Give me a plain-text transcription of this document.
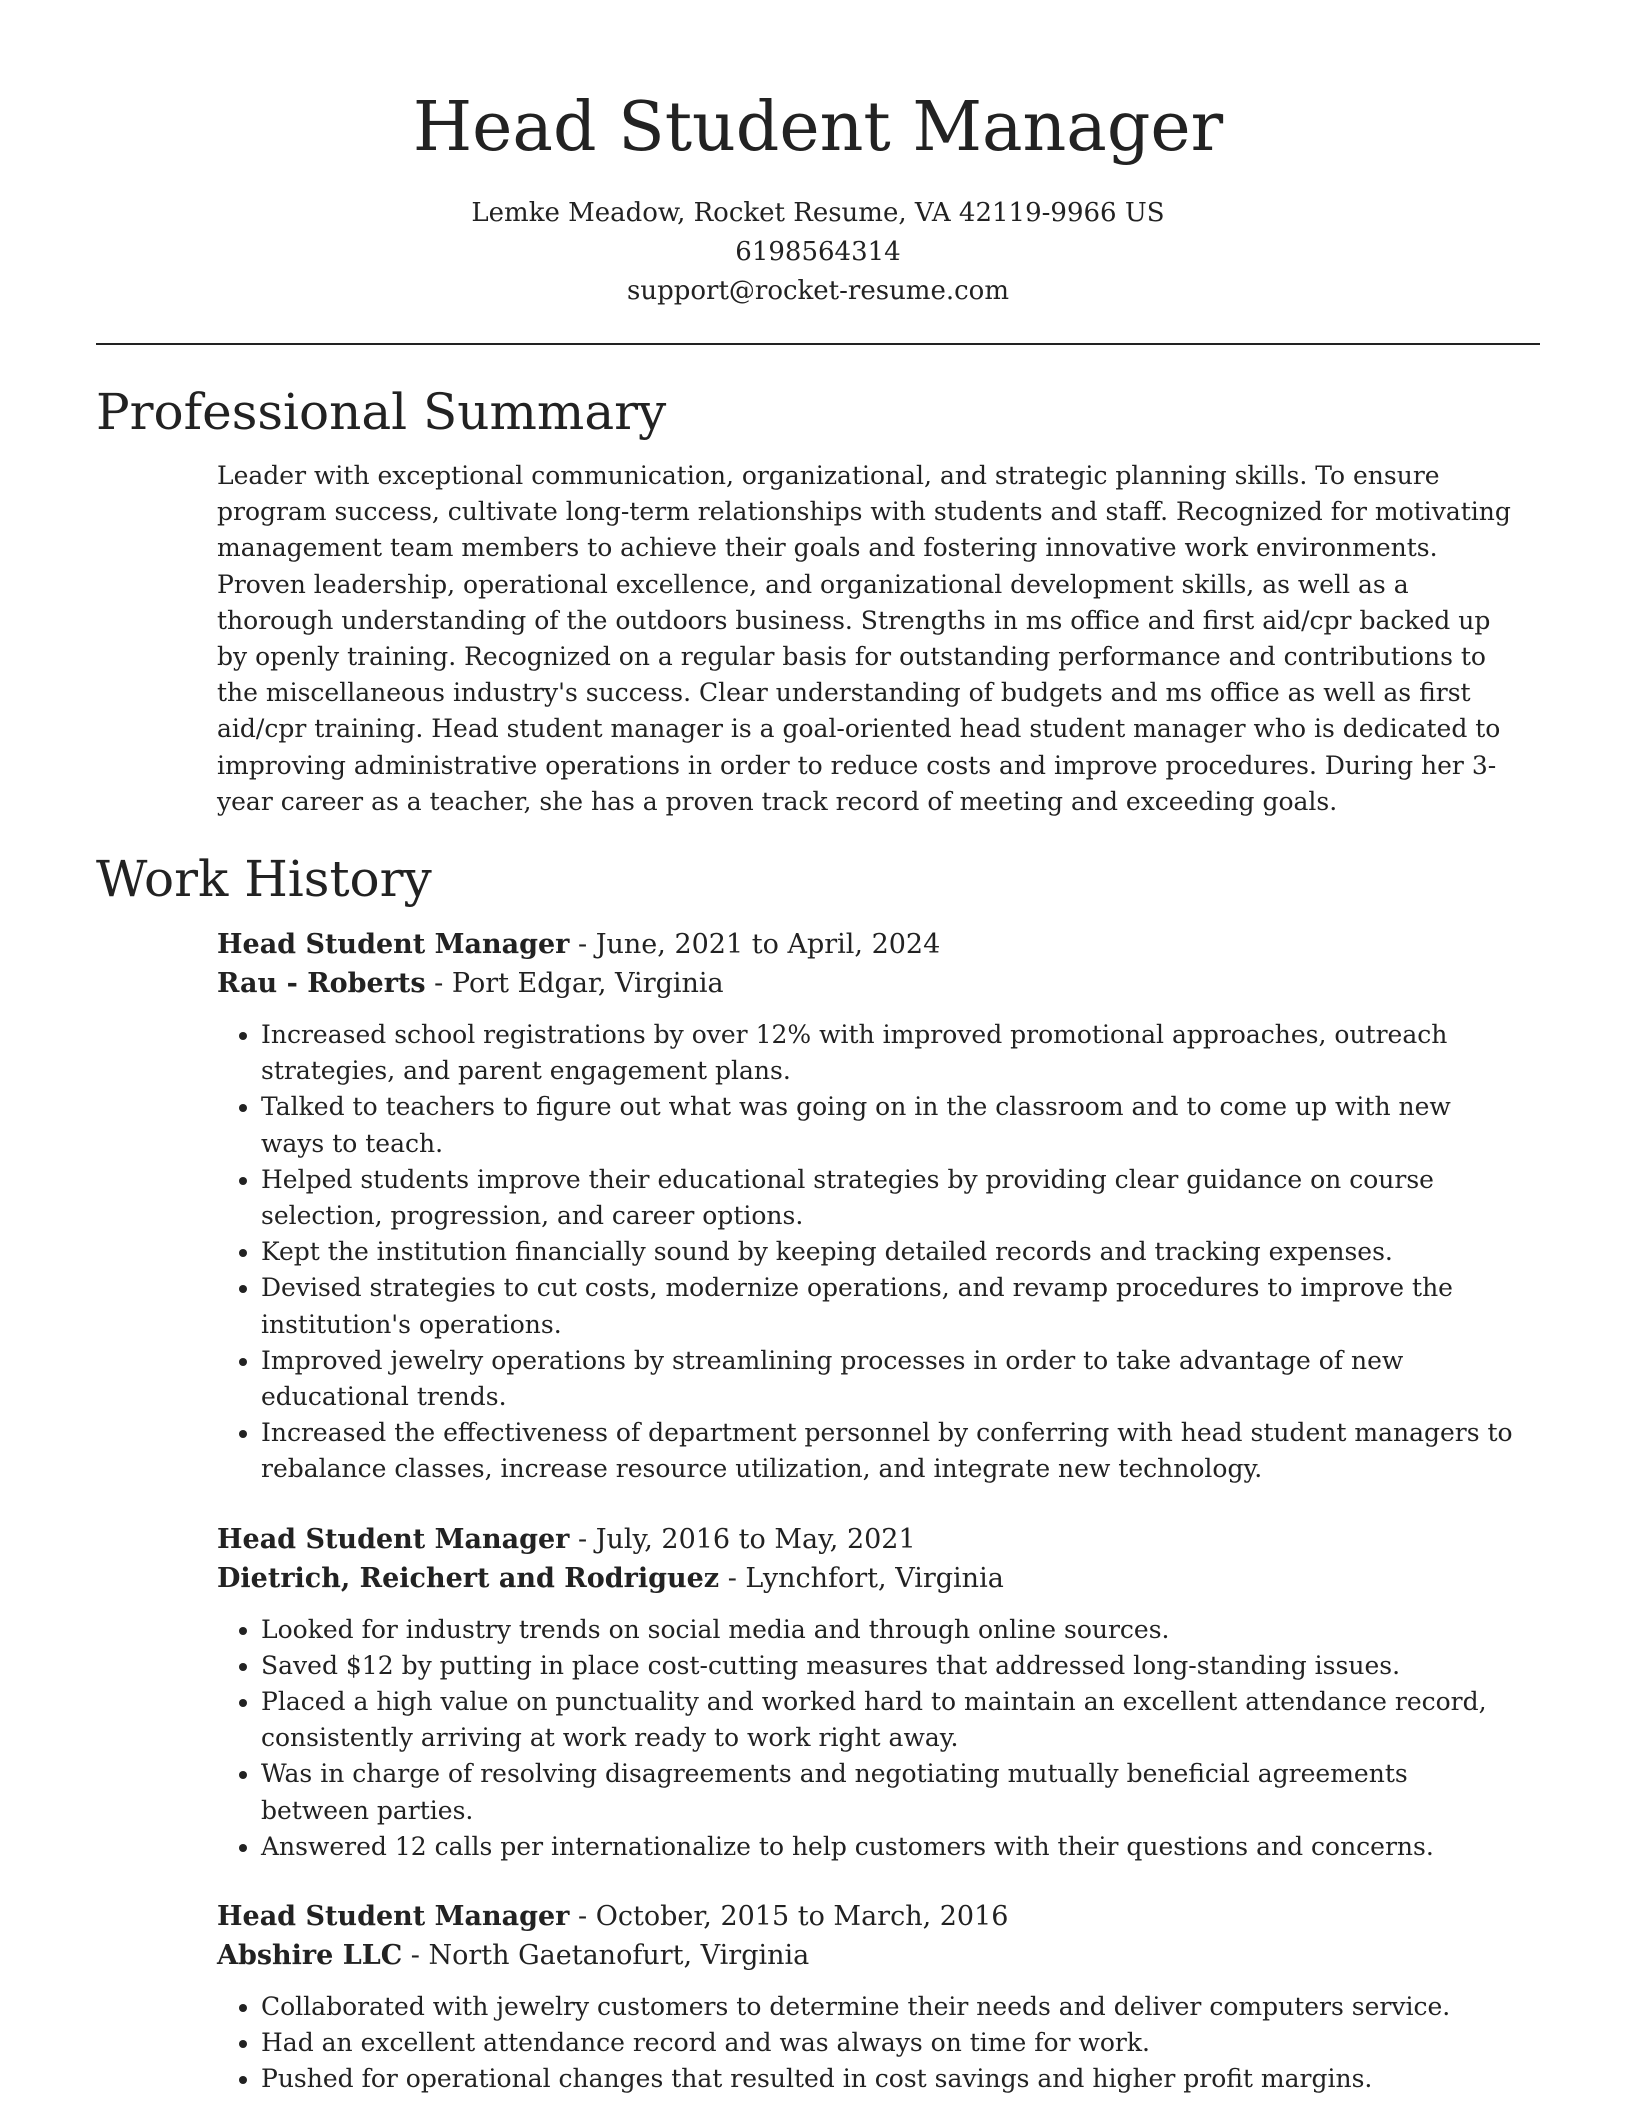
Head Student Manager
Lemke Meadow, Rocket Resume, VA 42119-9966 US
6198564314
support@rocket-resume.com
Professional Summary

Leader with exceptional communication, organizational, and strategic planning skills. To ensure program success, cultivate long-term relationships with students and staff. Recognized for motivating management team members to achieve their goals and fostering innovative work environments. Proven leadership, operational excellence, and organizational development skills, as well as a thorough understanding of the outdoors business. Strengths in ms office and first aid/cpr backed up by openly training. Recognized on a regular basis for outstanding performance and contributions to the miscellaneous industry's success. Clear understanding of budgets and ms office as well as first aid/cpr training. Head student manager is a goal-oriented head student manager who is dedicated to improving administrative operations in order to reduce costs and improve procedures. During her 3-year career as a teacher, she has a proven track record of meeting and exceeding goals.

Work History
Head Student Manager - June, 2021 to April, 2024
Rau - Roberts - Port Edgar, Virginia
• Increased school registrations by over 12% with improved promotional approaches, outreach strategies, and parent engagement plans.
• Talked to teachers to figure out what was going on in the classroom and to come up with new ways to teach.
• Helped students improve their educational strategies by providing clear guidance on course selection, progression, and career options.
• Kept the institution financially sound by keeping detailed records and tracking expenses.
• Devised strategies to cut costs, modernize operations, and revamp procedures to improve the institution's operations.
• Improved jewelry operations by streamlining processes in order to take advantage of new educational trends.
• Increased the effectiveness of department personnel by conferring with head student managers to rebalance classes, increase resource utilization, and integrate new technology.
Head Student Manager - July, 2016 to May, 2021
Dietrich, Reichert and Rodriguez - Lynchfort, Virginia
• Looked for industry trends on social media and through online sources.
• Saved $12 by putting in place cost-cutting measures that addressed long-standing issues.
• Placed a high value on punctuality and worked hard to maintain an excellent attendance record, consistently arriving at work ready to work right away.
• Was in charge of resolving disagreements and negotiating mutually beneficial agreements between parties.
• Answered 12 calls per internationalize to help customers with their questions and concerns.
Head Student Manager - October, 2015 to March, 2016
Abshire LLC - North Gaetanofurt, Virginia
• Collaborated with jewelry customers to determine their needs and deliver computers service.
• Had an excellent attendance record and was always on time for work.
• Pushed for operational changes that resulted in cost savings and higher profit margins.
